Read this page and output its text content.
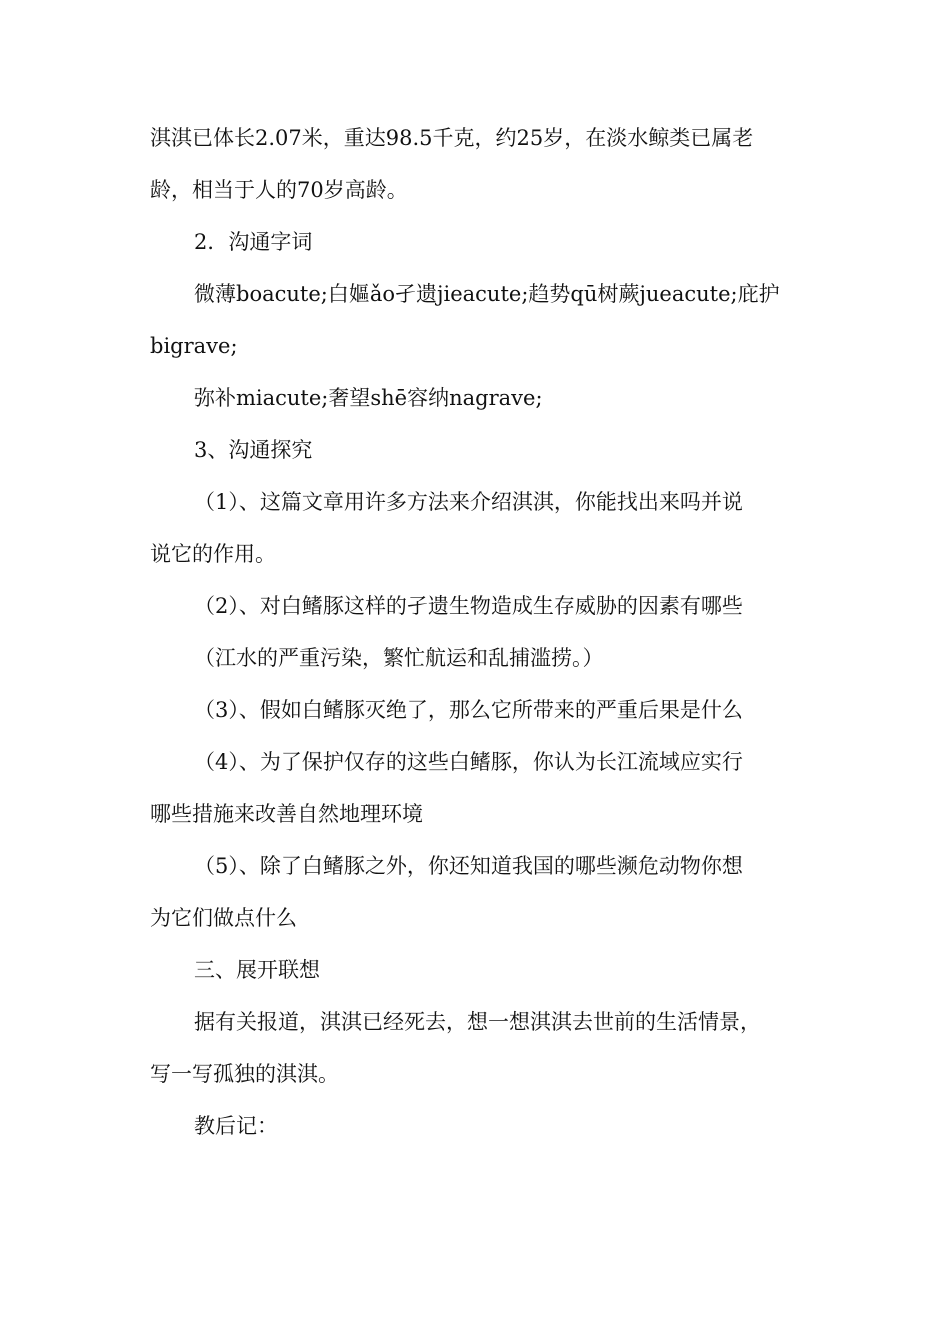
淇淇已体长2.07米，重达98.5千克，约25岁，在淡水鲸类已属老
龄，相当于人的70岁高龄。
2．沟通字词
微薄boacute;白嫗ǎo孑遗jieacute;趋势qū树蕨jueacute;庇护
bigrave;
弥补miacute;奢望shē容纳nagrave;
3、沟通探究
（1）、这篇文章用许多方法来介绍淇淇，你能找出来吗并说
说它的作用。
（2）、对白鳍豚这样的孑遗生物造成生存威胁的因素有哪些
（江水的严重污染，繁忙航运和乱捕滥捞。）
（3）、假如白鳍豚灭绝了，那么它所带来的严重后果是什么
（4）、为了保护仅存的这些白鳍豚，你认为长江流域应实行
哪些措施来改善自然地理环境
（5）、除了白鳍豚之外，你还知道我国的哪些濒危动物你想
为它们做点什么
三、展开联想
据有关报道，淇淇已经死去，想一想淇淇去世前的生活情景，
写一写孤独的淇淇。
教后记：
